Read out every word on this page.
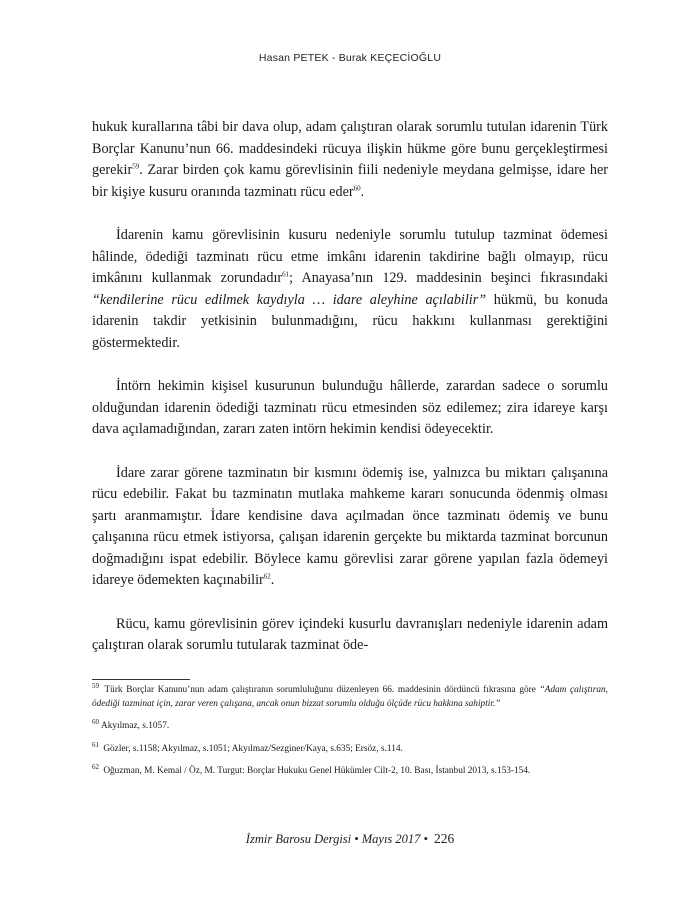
Hasan PETEK - Burak KEÇECİOĞLU

hukuk kurallarına tâbi bir dava olup, adam çalıştıran olarak sorumlu tutulan idarenin Türk Borçlar Kanunu’nun 66. maddesindeki rücuya ilişkin hükme göre bunu gerçekleştirmesi gerekir$^{59}$. Zarar birden çok kamu görevlisinin fiili nedeniyle meydana gelmişse, idare her bir kişiye kusuru oranında tazminatı rücu eder$^{60}$.

İdarenin kamu görevlisinin kusuru nedeniyle sorumlu tutulup tazminat ödemesi hâlinde, ödediği tazminatı rücu etme imkânı idarenin takdirine bağlı olmayıp, rücu imkânını kullanmak zorundadır$^{61}$; Anayasa’nın 129. maddesinin beşinci fıkrasındaki “kendilerine rücu edilmek kaydıyla … idare aleyhine açılabilir” hükmü, bu konuda idarenin takdir yetkisinin bulunmadığını, rücu hakkını kullanması gerektiğini göstermektedir.

İntörn hekimin kişisel kusurunun bulunduğu hâllerde, zarardan sadece o sorumlu olduğundan idarenin ödediği tazminatı rücu etmesinden söz edilemez; zira idareye karşı dava açılamadığından, zararı zaten intörn hekimin kendisi ödeyecektir.

İdare zarar görene tazminatın bir kısmını ödemiş ise, yalnızca bu miktarı çalışanına rücu edebilir. Fakat bu tazminatın mutlaka mahkeme kararı sonucunda ödenmiş olması şartı aranmamıştır. İdare kendisine dava açılmadan önce tazminatı ödemiş ve bunu çalışanına rücu etmek istiyorsa, çalışan idarenin gerçekte bu miktarda tazminat borcunun doğmadığını ispat edebilir. Böylece kamu görevlisi zarar görene yapılan fazla ödemeyi idareye ödemekten kaçınabilir$^{62}$.

Rücu, kamu görevlisinin görev içindeki kusurlu davranışları nedeniyle idarenin adam çalıştıran olarak sorumlu tutularak tazminat öde-

$^{59}$ Türk Borçlar Kanunu’nun adam çalıştıranın sorumluluğunu düzenleyen 66. maddesinin dördüncü fıkrasına göre “Adam çalıştıran, ödediği tazminat için, zarar veren çalışana, ancak onun bizzat sorumlu olduğu ölçüde rücu hakkına sahiptir.”

$^{60}$ Akyılmaz, s.1057.

$^{61}$ Gözler, s.1158; Akyılmaz, s.1051; Akyılmaz/Sezginer/Kaya, s.635; Ersöz, s.114.

$^{62}$ Oğuzman, M. Kemal / Öz, M. Turgut: Borçlar Hukuku Genel Hükümler Cilt-2, 10. Bası, İstanbul 2013, s.153-154.

İzmir Barosu Dergisi • Mayıs 2017 • 226
